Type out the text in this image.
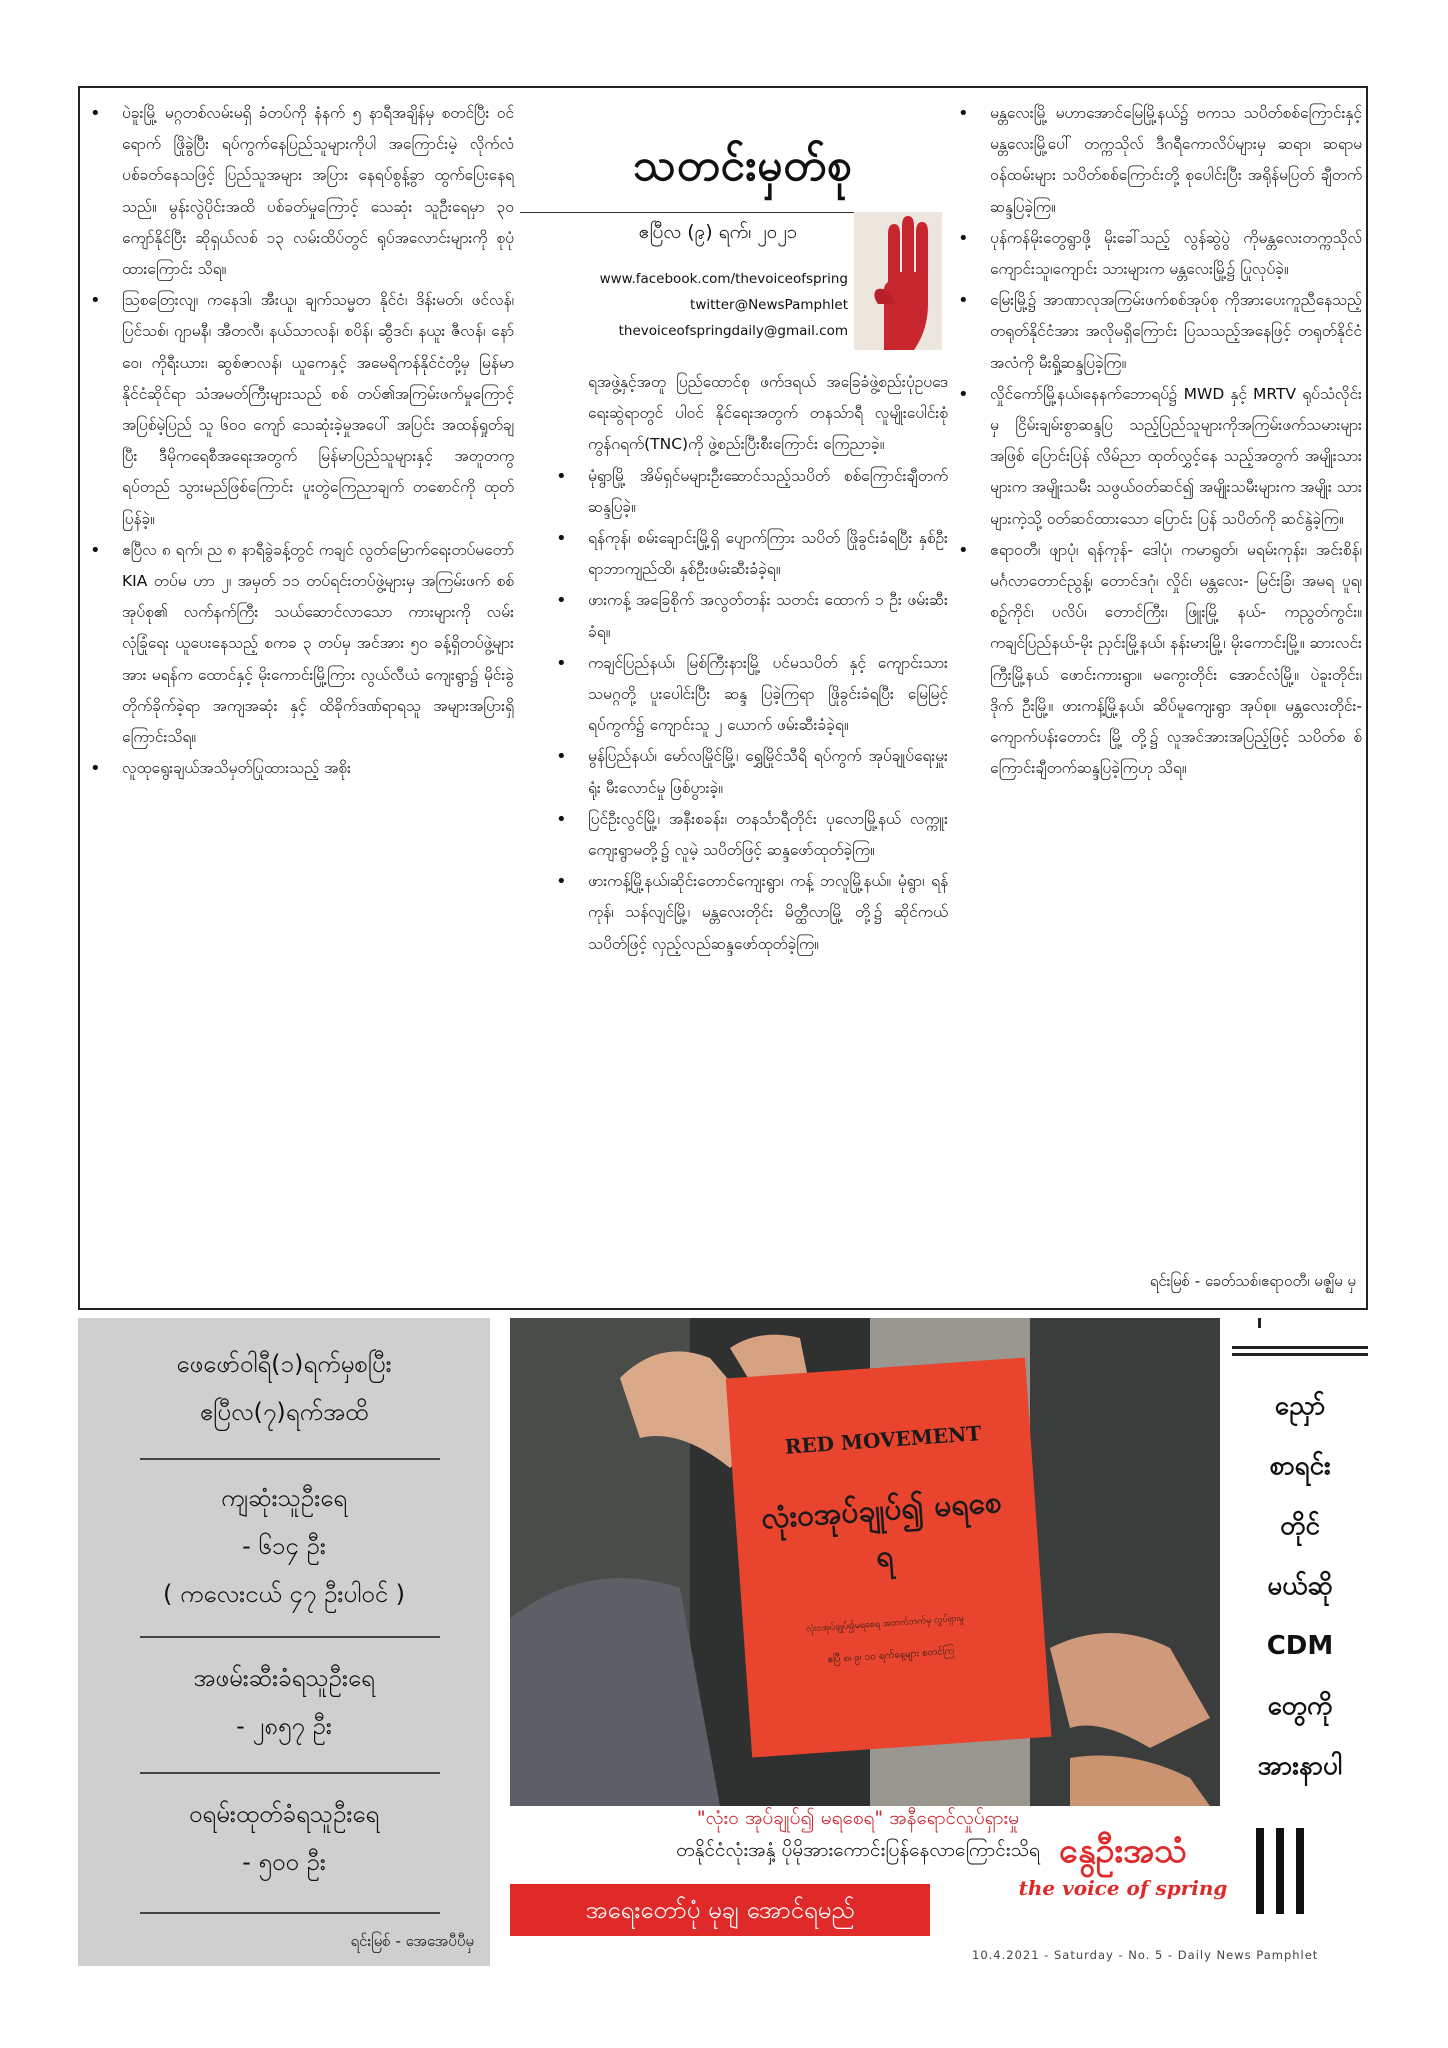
• ပဲခူးမြို့ မဂ္ဂတစ်လမ်းမရှိ ခံတပ်ကို နံနက် ၅ နာရီအချိန်မှ စတင်ပြီး ဝင်ရောက် ဖြိုခွဲပြီး ရပ်ကွက်နေပြည်သူများကိုပါ အကြောင်းမဲ့ လိုက်လံပစ်ခတ်နေသဖြင့် ပြည်သူအများ အပြား နေရပ်စွန့်ခွာ ထွက်ပြေးနေရသည်။ မွန်းလွဲပိုင်းအထိ ပစ်ခတ်မှုကြောင့် သေဆုံး သူဦးရေမှာ ၃၀ ကျော်နိုင်ပြီး ဆိုရှယ်လစ် ၁၃ လမ်းထိပ်တွင် ရုပ်အလောင်းများကို စုပုံထားကြောင်း သိရ။
• ဩစတြေးလျ၊ ကနေဒါ၊ အီးယူ၊ ချက်သမ္မတ နိုင်ငံ၊ ဒိန်းမတ်၊ ဖင်လန်၊ ပြင်သစ်၊ ဂျာမနီ၊ အီတလီ၊ နယ်သာလန်၊ စပိန်၊ ဆွီဒင်၊ နယူး ဇီလန်၊ နော်ဝေ၊ ကိုရီးယား၊ ဆွစ်ဇာလန်၊ ယူကေနှင့် အမေရိကန်နိုင်ငံတို့မှ မြန်မာ နိုင်ငံဆိုင်ရာ သံအမတ်ကြီးများသည် စစ် တပ်၏အကြမ်းဖက်မှုကြောင့် အပြစ်မဲ့ပြည် သူ ၆၀၀ ကျော် သေဆုံးခဲ့မှုအပေါ် အပြင်း အထန်ရှုတ်ချပြီး ဒီမိုကရေစီအရေးအတွက် မြန်မာပြည်သူများနှင့် အတူတကွ ရပ်တည် သွားမည်ဖြစ်ကြောင်း ပူးတွဲကြေညာချက် တစောင်ကို ထုတ်ပြန်ခဲ့။
• ဧပြီလ ၈ ရက်၊ ည ၈ နာရီခွဲခန့်တွင် ကချင် လွတ်မြောက်ရေးတပ်မတော် KIA တပ်မ ဟာ ၂၊ အမှတ် ၁၁ တပ်ရင်းတပ်ဖွဲ့များမှ အကြမ်းဖက် စစ်အုပ်စု၏ လက်နက်ကြီး သယ်ဆောင်လာသော ကားများကို လမ်း လုံခြုံရေး ယူပေးနေသည့် စကခ ၃ တပ်မှ အင်အား ၅၀ ခန့်ရှိတပ်ဖွဲ့များအား မရန်က ထောင်နှင့် မိုးကောင်းမြို့ကြား လွယ်လီယံ ကျေးရွာ၌ မိုင်းခွဲတိုက်ခိုက်ခဲ့ရာ အကျအဆုံး နှင့် ထိခိုက်ဒဏ်ရာရသူ အများအပြားရှိကြောင်းသိရ။
• လူထုရွေးချယ်အသိမှတ်ပြုထားသည့် အစိုး
သတင်းမှတ်စု
ဧပြီလ (၉) ရက်၊ ၂၀၂၁
www.facebook.com/thevoiceofspring
twitter@NewsPamphlet
thevoiceofspringdaily@gmail.com
ရအဖွဲ့နှင့်အတူ ပြည်ထောင်စု ဖက်ဒရယ် အခြေခံဖွဲ့စည်းပုံဥပဒေ ရေးဆွဲရာတွင် ပါဝင် နိုင်ရေးအတွက် တနသ်ာရီ လူမျိုးပေါင်းစုံ ကွန်ဂရက်(TNC)ကို ဖွဲ့စည်းပြီးစီးကြောင်း ကြေညာခဲ့။
• မုံရွာမြို့ အိမ်ရှင်မများဦးဆောင်သည့်သပိတ် စစ်ကြောင်းချီတက်ဆန္ဒပြခဲ့။
• ရန်ကုန်၊ စမ်းချောင်းမြို့ရှိ ပျောက်ကြား သပိတ် ဖြိုခွင်းခံရပြီး နှစ်ဦး ရာဘာကျည်ထိ၊ နှစ်ဦးဖမ်းဆီးခံခဲ့ရ။
• ဖားကန့် အခြေစိုက် အလွတ်တန်း သတင်း ထောက် ၁ ဦး ဖမ်းဆီးခံရ။
• ကချင်ပြည်နယ်၊ မြစ်ကြီးနားမြို့ ပင်မသပိတ် နှင့် ကျောင်းသားသမဂ္ဂတို့ ပူးပေါင်းပြီး ဆန္ဒ ပြခဲ့ကြရာ ဖြိုခွင်းခံရပြီး မြေမြင့်ရပ်ကွက်၌ ကျောင်းသူ ၂ ယောက် ဖမ်းဆီးခံခဲ့ရ။
• မွန်ပြည်နယ်၊ မော်လမြိုင်မြို့၊ ရွှေမြိုင်သီရိ ရပ်ကွက် အုပ်ချုပ်ရေးမှူးရုံး မီးလောင်မှု ဖြစ်ပွားခဲ့။
• ပြင်ဦးလွင်မြို့၊ အနီးစခန်း၊ တနင်္သာရီတိုင်း ပုလောမြို့နယ် လက္ကူးကျေးရွာမတို့၌ လူမဲ့ သပိတ်ဖြင့် ဆန္ဒဖော်ထုတ်ခဲ့ကြ။
• ဖားကန့်မြို့နယ်၊ဆိုင်းတောင်ကျေးရွာ၊ ကန့် ဘလူမြို့နယ်။ မုံရွာ၊ ရန်ကုန်၊ သန်လျင်မြို့၊ မန္တလေးတိုင်း မိတ္ထီလာမြို့ တို့၌ ဆိုင်ကယ် သပိတ်ဖြင့် လှည့်လည်ဆန္ဒဖော်ထုတ်ခဲ့ကြ။
• မန္တလေးမြို့ မဟာအောင်မြေမြို့နယ်၌ ဗကသ သပိတ်စစ်ကြောင်းနှင့် မန္တလေးမြို့ပေါ် တက္ကသိုလ် ဒီဂရီကောလိပ်များမှ ဆရာ၊ ဆရာမ ဝန်ထမ်းများ သပိတ်စစ်ကြောင်းတို့ စုပေါင်းပြီး အရိုန်မပြတ် ချီတက်ဆန္ဒပြခဲ့ကြ။
• ပုန်ကန်မိုးတွေရွာဖို့ မိုးခေါ်သည့် လွန်ဆွဲပွဲ ကိုမန္တလေးတက္ကသိုလ်ကျောင်းသူ၊ကျောင်း သားများက မန္တလေးမြို့၌ ပြုလုပ်ခဲ့။
• မြေးမြို့၌ အာဏာလုအကြမ်းဖက်စစ်အုပ်စု ကိုအားပေးကူညီနေသည့် တရုတ်နိုင်ငံအား အလိုမရှိကြောင်း ပြသသည့်အနေဖြင့် တရုတ်နိုင်ငံအလံကို မီးရှို့ဆန္ဒပြခဲ့ကြ။
• လှိုင်ကော်မြို့နယ်၊နေနက်ဘောရပ်၌ MWD နှင့် MRTV ရုပ်သံလိုင်းမှ ငြိမ်းချမ်းစွာဆန္ဒပြ သည့်ပြည်သူများကိုအကြမ်းဖက်သမားများ အဖြစ် ပြောင်းပြန် လိမ်ညာ ထုတ်လွှင့်နေ သည့်အတွက် အမျိုးသားများက အမျိုးသမီး သဖွယ်ဝတ်ဆင်၍ အမျိုးသမီးများက အမျိုး သားများကဲ့သို့ ဝတ်ဆင်ထားသော ပြောင်း ပြန် သပိတ်ကို ဆင်နွဲခဲ့ကြ။
• ဧရာဝတီ၊ ဖျာပုံ၊ ရန်ကုန်- ဒေါပုံ၊ ကမာရွတ်၊ မရမ်းကုန်း၊ အင်းစိန်၊ မင်္ဂလာတောင်ညွန့်၊ တောင်ဒဂုံ၊ လှိုင်၊ မန္တလေး- မြင်းခြံ၊ အမရ ပူရ၊ စဉ့်ကိုင်၊ ပလိပ်၊ တောင်ကြီး၊ ဖြူးမြို့ နယ်- ကညွတ်ကွင်း။ ကချင်ပြည်နယ်-မိုး ညှင်းမြို့နယ်၊ နန်းမားမြို့၊ မိုးကောင်းမြို့။ ဆားလင်းကြီးမြို့နယ် ဖောင်းကားရွာ။ မကွေးတိုင်း အောင်လံမြို့။ ပဲခူးတိုင်း၊ ဒိုက် ဦးမြို့။ ဖားကန့်မြို့နယ်၊ ဆိပ်မူကျေးရွာ အုပ်စု။ မန္တလေးတိုင်း-ကျောက်ပန်းတောင်း မြို့ တို့၌ လူအင်အားအပြည့်ဖြင့် သပိတ်စ စ်ကြောင်းချီတက်ဆန္ဒပြခဲ့ကြဟု သိရ။
ရင်းမြစ် - ခေတ်သစ်၊ဧရာဝတီ၊ မဇ္ဈိမ မှ
ဖေဖော်ဝါရီ(၁)ရက်မှစပြီး
ဧပြီလ(၇)ရက်အထိ
ကျဆုံးသူဦးရေ
- ၆၁၄ ဦး
( ကလေးငယ် ၄၇ ဦးပါဝင် )
အဖမ်းဆီးခံရသူဦးရေ
- ၂၈၅၇ ဦး
ဝရမ်းထုတ်ခံရသူဦးရေ
- ၅၀၀ ဦး
ရင်းမြစ် - အေအေပီပီမှ
RED MOVEMENT
လုံးဝအုပ်ချုပ်၍ မရစေရ
လုံးဝအုပ်ချုပ်၍မရစေရ အဘက်ဘက်မှ လှုပ်ရှားမှု
ဧပြီ ၈၊ ၉၊ ၁၀ ရက်နေ့များ စတင်ကြ
"လုံးဝ အုပ်ချုပ်၍ မရစေရ" အနီရောင်လှုပ်ရှားမှု
တနိုင်ငံလုံးအနှံ့ ပိုမိုအားကောင်းပြန်နေလာကြောင်းသိရ
အရေးတော်ပုံ မုချ အောင်ရမည်
ညှော်
စာရင်း
တိုင်
မယ်ဆို
CDM
တွေကို
အားနာပါ
နွေဦးအသံ
the voice of spring
10.4.2021 - Saturday - No. 5 - Daily News Pamphlet
